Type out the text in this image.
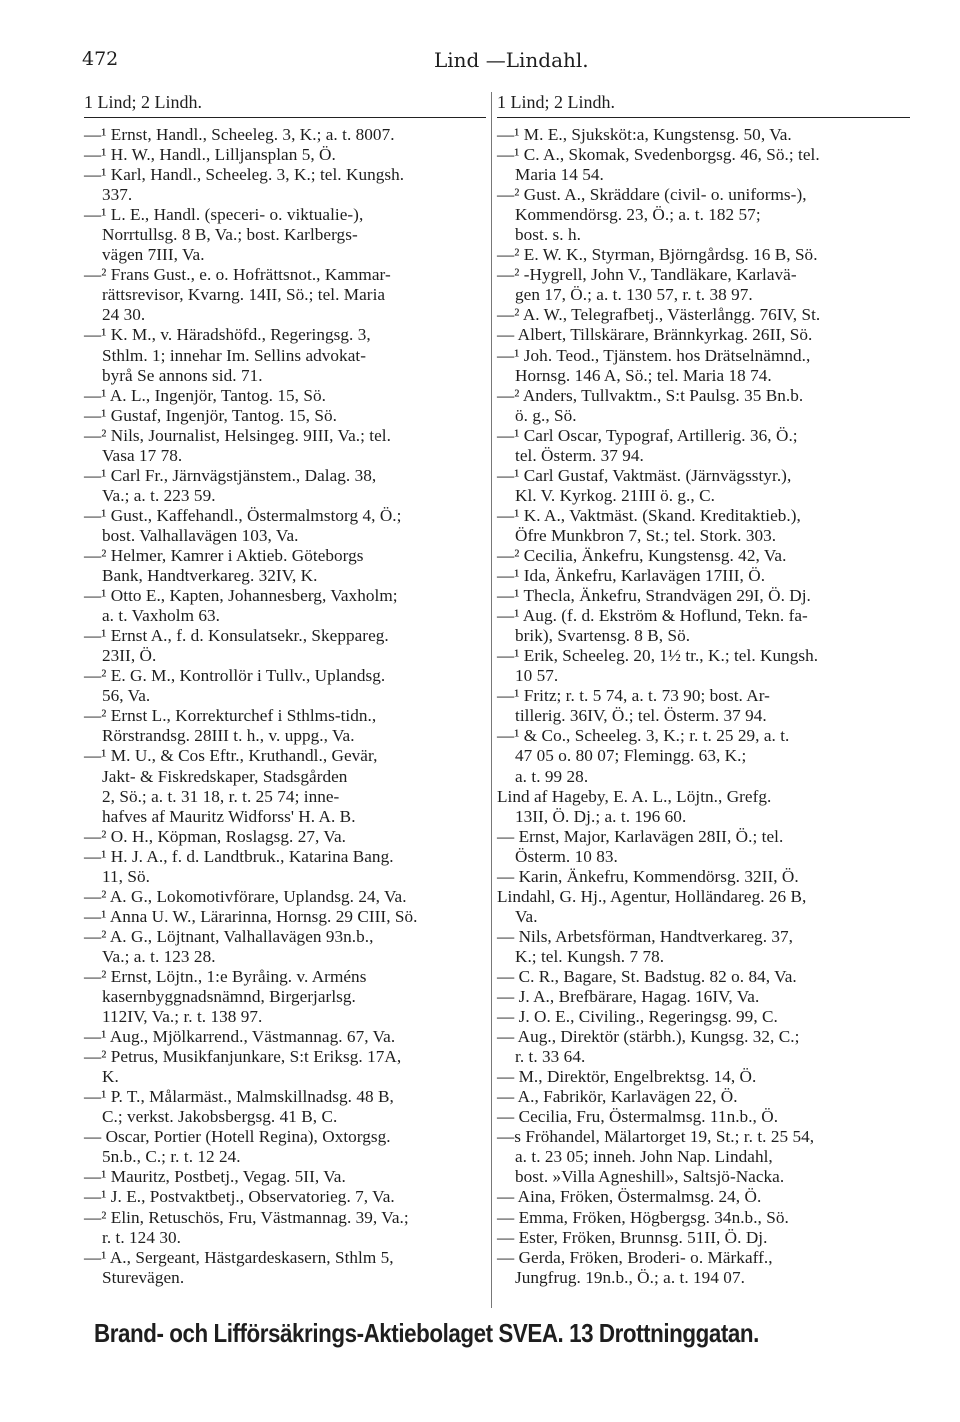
472	Lind —Lindahl.
1 Lind; 2 Lindh.	1 Lind; 2 Lindh.
—¹ Ernst, Handl., Scheeleg. 3, K.; a. t. 8007.
—¹ H. W., Handl., Lilljansplan 5, Ö.
—¹ Karl, Handl., Scheeleg. 3, K.; tel. Kungsh.
337.
—¹ L. E., Handl. (speceri- o. viktualie-),
Norrtullsg. 8 B, Va.; bost. Karlbergs-
vägen 7III, Va.
—² Frans Gust., e. o. Hofrättsnot., Kammar-
rättsrevisor, Kvarng. 14II, Sö.; tel. Maria
24 30.
—¹ K. M., v. Häradshöfd., Regeringsg. 3,
Sthlm. 1; innehar Im. Sellins advokat-
byrå Se annons sid. 71.
—¹ A. L., Ingenjör, Tantog. 15, Sö.
—¹ Gustaf, Ingenjör, Tantog. 15, Sö.
—² Nils, Journalist, Helsingeg. 9III, Va.; tel.
Vasa 17 78.
—¹ Carl Fr., Järnvägstjänstem., Dalag. 38,
Va.; a. t. 223 59.
—¹ Gust., Kaffehandl., Östermalmstorg 4, Ö.;
bost. Valhallavägen 103, Va.
—² Helmer, Kamrer i Aktieb. Göteborgs
Bank, Handtverkareg. 32IV, K.
—¹ Otto E., Kapten, Johannesberg, Vaxholm;
a. t. Vaxholm 63.
—¹ Ernst A., f. d. Konsulatsekr., Skeppareg.
23II, Ö.
—² E. G. M., Kontrollör i Tullv., Uplandsg.
56, Va.
—² Ernst L., Korrekturchef i Sthlms-tidn.,
Rörstrandsg. 28III t. h., v. uppg., Va.
—¹ M. U., & Cos Eftr., Kruthandl., Gevär,
Jakt- & Fiskredskaper, Stadsgården
2, Sö.; a. t. 31 18, r. t. 25 74; inne-
hafves af Mauritz Widforss' H. A. B.
—² O. H., Köpman, Roslagsg. 27, Va.
—¹ H. J. A., f. d. Landtbruk., Katarina Bang.
11, Sö.
—² A. G., Lokomotivförare, Uplandsg. 24, Va.
—¹ Anna U. W., Lärarinna, Hornsg. 29 CIII, Sö.
—² A. G., Löjtnant, Valhallavägen 93n.b.,
Va.; a. t. 123 28.
—² Ernst, Löjtn., 1:e Byråing. v. Arméns
kasernbyggnadsnämnd, Birgerjarlsg.
112IV, Va.; r. t. 138 97.
—¹ Aug., Mjölkarrend., Västmannag. 67, Va.
—² Petrus, Musikfanjunkare, S:t Eriksg. 17A,
K.
—¹ P. T., Målarmäst., Malmskillnadsg. 48 B,
C.; verkst. Jakobsbergsg. 41 B, C.
— Oscar, Portier (Hotell Regina), Oxtorgsg.
5n.b., C.; r. t. 12 24.
—¹ Mauritz, Postbetj., Vegag. 5II, Va.
—¹ J. E., Postvaktbetj., Observatorieg. 7, Va.
—² Elin, Retuschös, Fru, Västmannag. 39, Va.;
r. t. 124 30.
—¹ A., Sergeant, Hästgardeskasern, Sthlm 5,
Sturevägen.
—¹ M. E., Sjuksköt:a, Kungstensg. 50, Va.
—¹ C. A., Skomak, Svedenborgsg. 46, Sö.; tel.
Maria 14 54.
—² Gust. A., Skräddare (civil- o. uniforms-),
Kommendörsg. 23, Ö.; a. t. 182 57;
bost. s. h.
—² E. W. K., Styrman, Björngårdsg. 16 B, Sö.
—² -Hygrell, John V., Tandläkare, Karlavä-
gen 17, Ö.; a. t. 130 57, r. t. 38 97.
—² A. W., Telegrafbetj., Västerlångg. 76IV, St.
— Albert, Tillskärare, Brännkyrkag. 26II, Sö.
—¹ Joh. Teod., Tjänstem. hos Drätselnämnd.,
Hornsg. 146 A, Sö.; tel. Maria 18 74.
—² Anders, Tullvaktm., S:t Paulsg. 35 Bn.b.
ö. g., Sö.
—¹ Carl Oscar, Typograf, Artillerig. 36, Ö.;
tel. Österm. 37 94.
—¹ Carl Gustaf, Vaktmäst. (Järnvägsstyr.),
Kl. V. Kyrkog. 21III ö. g., C.
—¹ K. A., Vaktmäst. (Skand. Kreditaktieb.),
Öfre Munkbron 7, St.; tel. Stork. 303.
—² Cecilia, Änkefru, Kungstensg. 42, Va.
—¹ Ida, Änkefru, Karlavägen 17III, Ö.
—¹ Thecla, Änkefru, Strandvägen 29I, Ö. Dj.
—¹ Aug. (f. d. Ekström & Hoflund, Tekn. fa-
brik), Svartensg. 8 B, Sö.
—¹ Erik, Scheeleg. 20, 1½ tr., K.; tel. Kungsh.
10 57.
—¹ Fritz; r. t. 5 74, a. t. 73 90; bost. Ar-
tillerig. 36IV, Ö.; tel. Österm. 37 94.
—¹ & Co., Scheeleg. 3, K.; r. t. 25 29, a. t.
47 05 o. 80 07; Flemingg. 63, K.;
a. t. 99 28.
Lind af Hageby, E. A. L., Löjtn., Grefg.
13II, Ö. Dj.; a. t. 196 60.
— Ernst, Major, Karlavägen 28II, Ö.; tel.
Österm. 10 83.
— Karin, Änkefru, Kommendörsg. 32II, Ö.
Lindahl, G. Hj., Agentur, Holländareg. 26 B,
Va.
— Nils, Arbetsförman, Handtverkareg. 37,
K.; tel. Kungsh. 7 78.
— C. R., Bagare, St. Badstug. 82 o. 84, Va.
— J. A., Brefbärare, Hagag. 16IV, Va.
— J. O. E., Civiling., Regeringsg. 99, C.
— Aug., Direktör (stärbh.), Kungsg. 32, C.;
r. t. 33 64.
— M., Direktör, Engelbrektsg. 14, Ö.
— A., Fabrikör, Karlavägen 22, Ö.
— Cecilia, Fru, Östermalmsg. 11n.b., Ö.
—s Fröhandel, Mälartorget 19, St.; r. t. 25 54,
a. t. 23 05; inneh. John Nap. Lindahl,
bost. »Villa Agneshill», Saltsjö-Nacka.
— Aina, Fröken, Östermalmsg. 24, Ö.
— Emma, Fröken, Högbergsg. 34n.b., Sö.
— Ester, Fröken, Brunnsg. 51II, Ö. Dj.
— Gerda, Fröken, Broderi- o. Märkaff.,
Jungfrug. 19n.b., Ö.; a. t. 194 07.
Brand- och Lifförsäkrings-Aktiebolaget SVEA. 13 Drottninggatan.
